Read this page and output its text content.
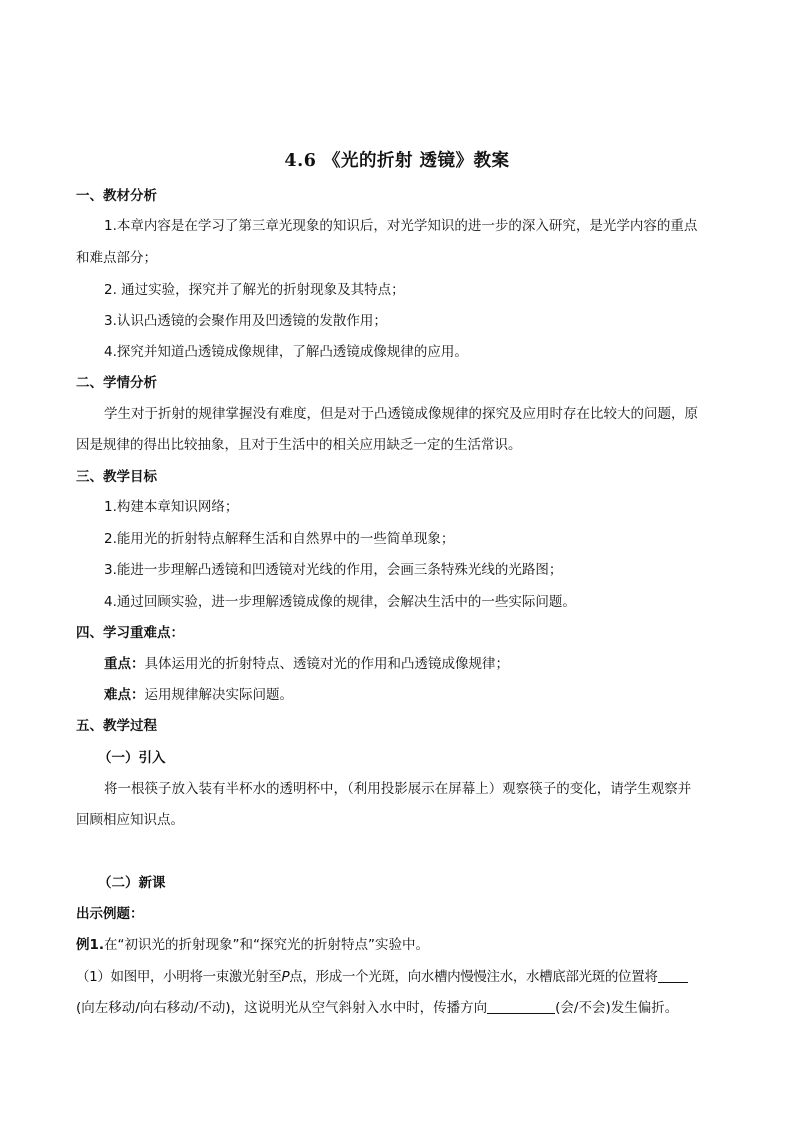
4.6 《光的折射 透镜》教案
一、教材分析
1.本章内容是在学习了第三章光现象的知识后，对光学知识的进一步的深入研究，是光学内容的重点
和难点部分；
2. 通过实验，探究并了解光的折射现象及其特点；
3.认识凸透镜的会聚作用及凹透镜的发散作用；
4.探究并知道凸透镜成像规律，了解凸透镜成像规律的应用。
二、学情分析
学生对于折射的规律掌握没有难度，但是对于凸透镜成像规律的探究及应用时存在比较大的问题，原
因是规律的得出比较抽象，且对于生活中的相关应用缺乏一定的生活常识。
三、教学目标
1.构建本章知识网络；
2.能用光的折射特点解释生活和自然界中的一些简单现象；
3.能进一步理解凸透镜和凹透镜对光线的作用，会画三条特殊光线的光路图；
4.通过回顾实验，进一步理解透镜成像的规律，会解决生活中的一些实际问题。
四、学习重难点：
重点：具体运用光的折射特点、透镜对光的作用和凸透镜成像规律；
难点：运用规律解决实际问题。
五、教学过程
（一）引入
将一根筷子放入装有半杯水的透明杯中，（利用投影展示在屏幕上）观察筷子的变化，请学生观察并
回顾相应知识点。
（二）新课
出示例题：
例1.在“初识光的折射现象”和“探究光的折射特点”实验中。
（1）如图甲，小明将一束激光射至P点，形成一个光斑，向水槽内慢慢注水，水槽底部光斑的位置将
(向左移动/向右移动/不动)，这说明光从空气斜射入水中时，传播方向	(会/不会)发生偏折。
